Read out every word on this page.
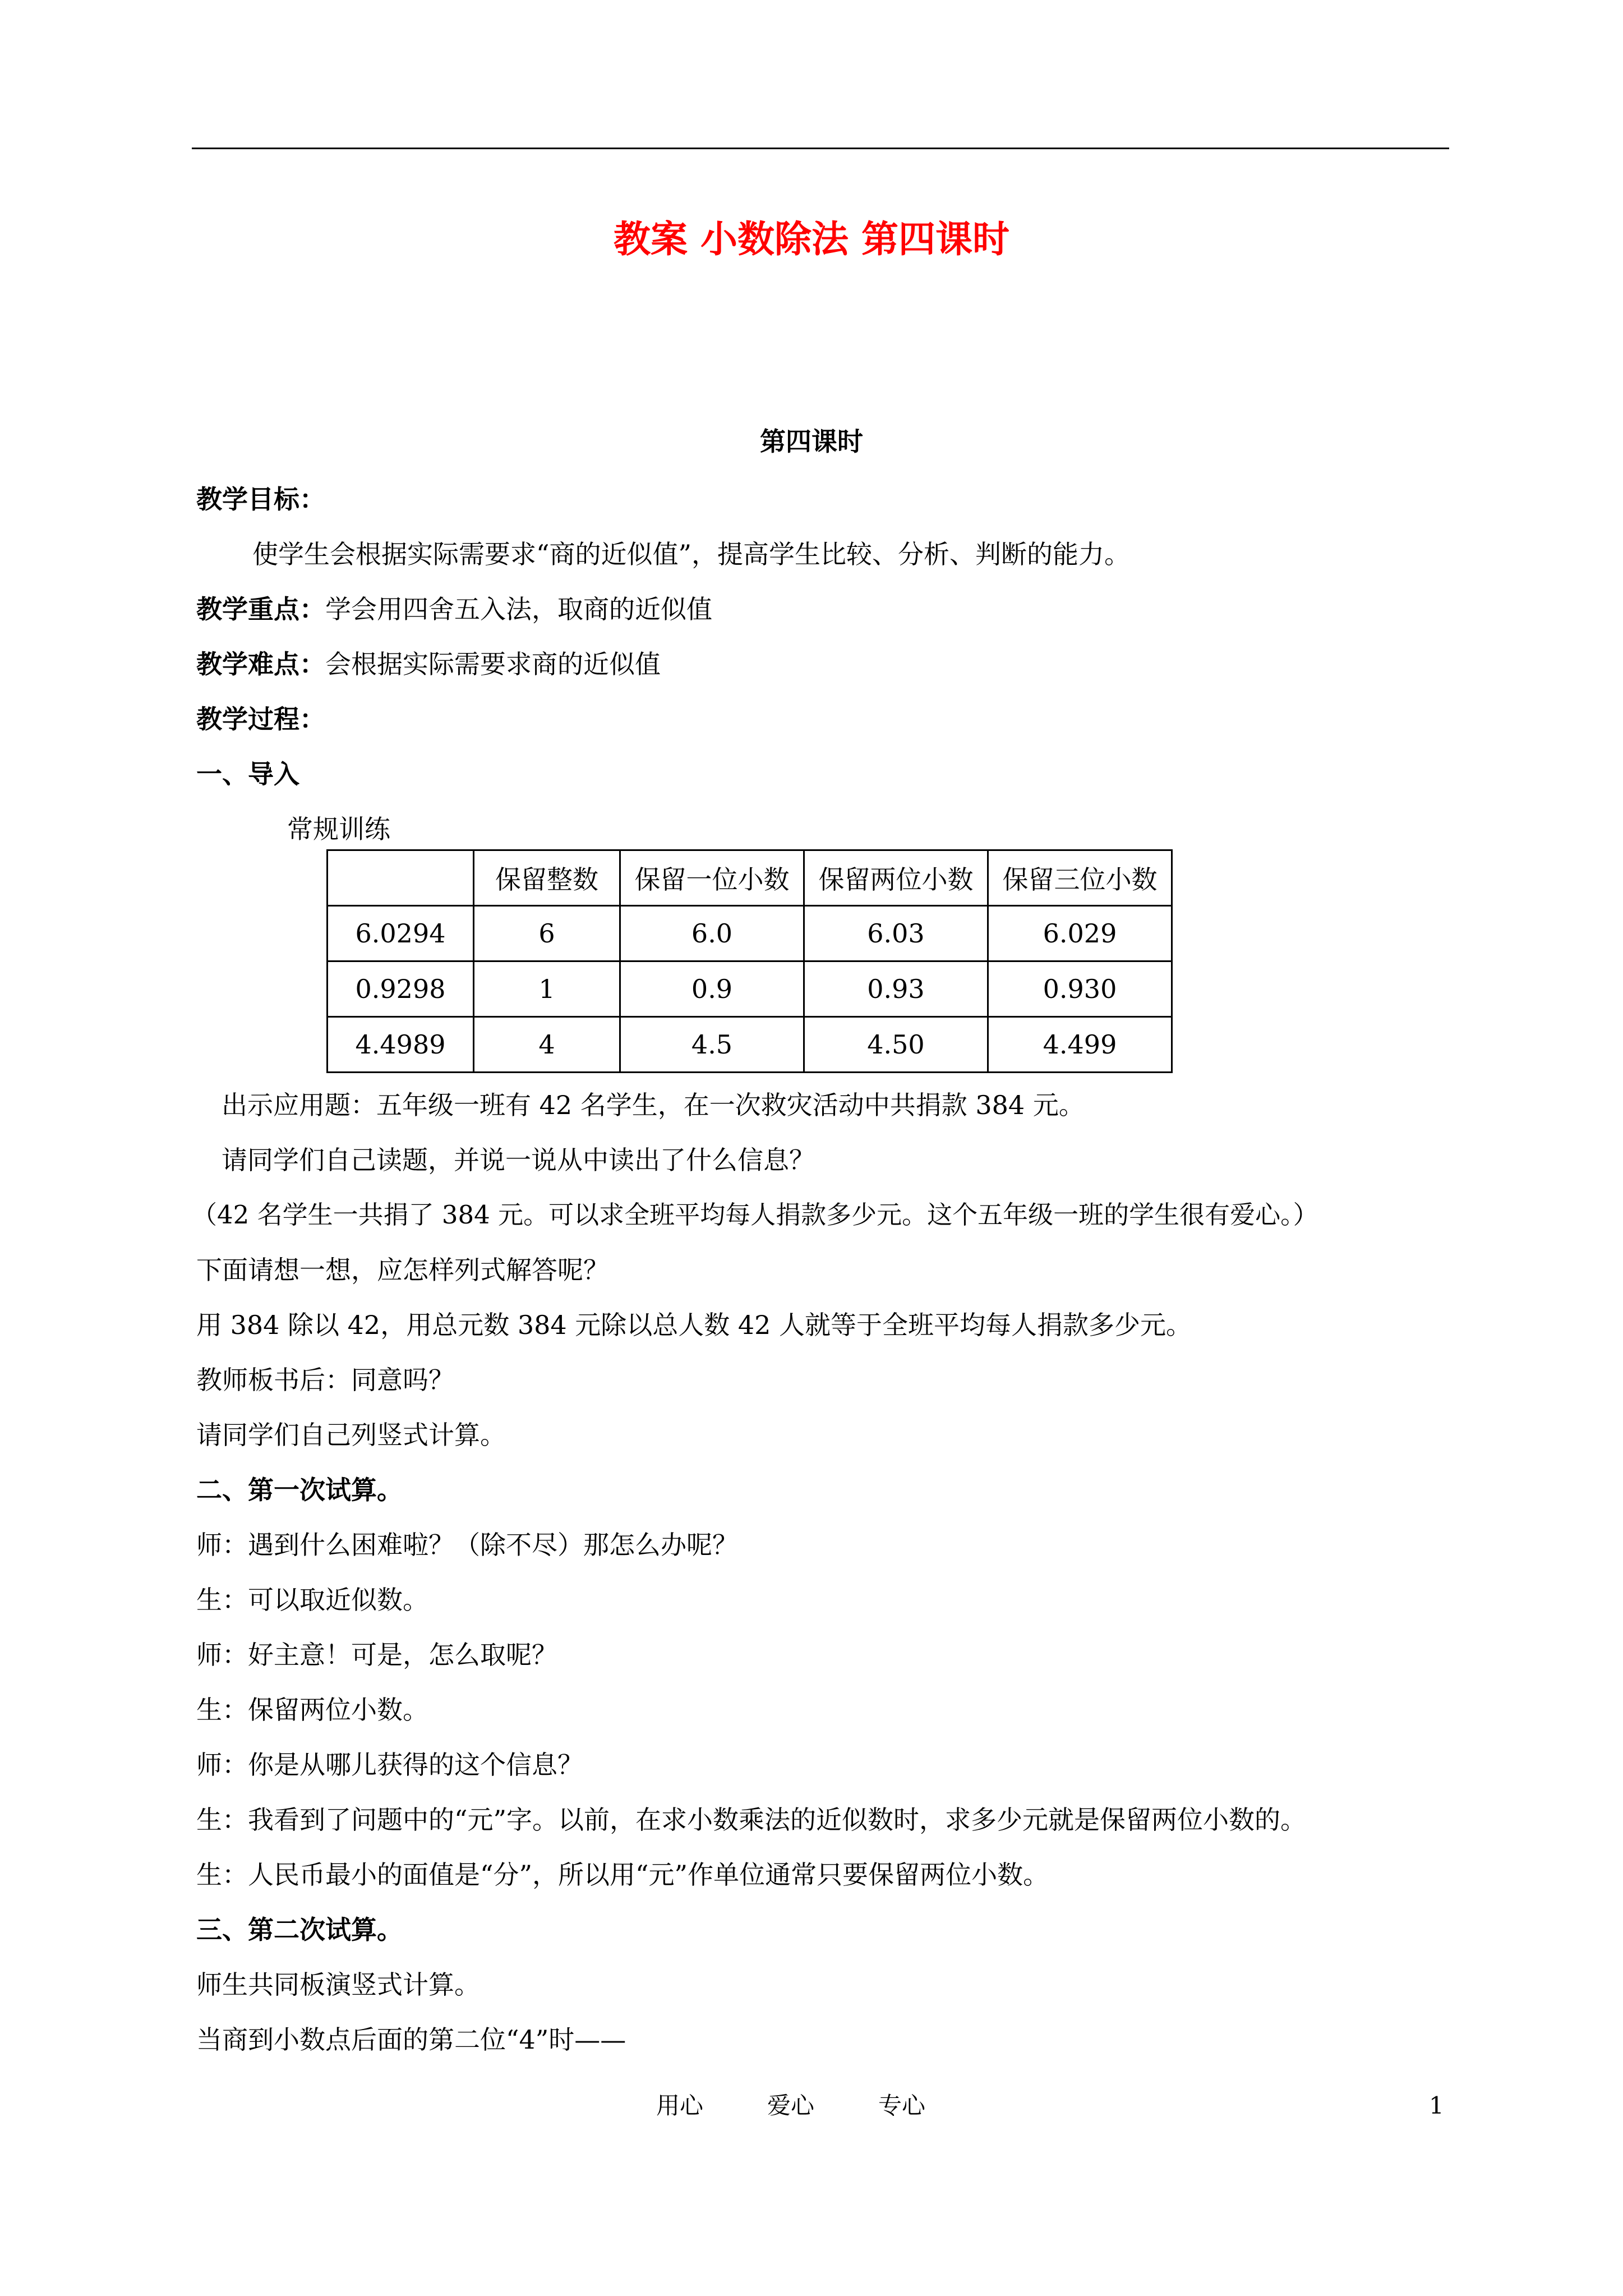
教案 小数除法 第四课时
第四课时
教学目标：
使学生会根据实际需要求“商的近似值”，提高学生比较、分析、判断的能力。
教学重点：学会用四舍五入法，取商的近似值
教学难点：会根据实际需要求商的近似值
教学过程：
一、导入
常规训练
	保留整数	保留一位小数	保留两位小数	保留三位小数
6.0294	6	6.0	6.03	6.029
0.9298	1	0.9	0.93	0.930
4.4989	4	4.5	4.50	4.499
出示应用题：五年级一班有 42 名学生，在一次救灾活动中共捐款 384 元。
请同学们自己读题，并说一说从中读出了什么信息？
（42 名学生一共捐了 384 元。可以求全班平均每人捐款多少元。这个五年级一班的学生很有爱心。）
下面请想一想，应怎样列式解答呢？
用 384 除以 42，用总元数 384 元除以总人数 42 人就等于全班平均每人捐款多少元。
教师板书后：同意吗？
请同学们自己列竖式计算。
二、第一次试算。
师：遇到什么困难啦？（除不尽）那怎么办呢？
生：可以取近似数。
师：好主意！可是，怎么取呢？
生：保留两位小数。
师：你是从哪儿获得的这个信息？
生：我看到了问题中的“元”字。以前，在求小数乘法的近似数时，求多少元就是保留两位小数的。
生：人民币最小的面值是“分”，所以用“元”作单位通常只要保留两位小数。
三、第二次试算。
师生共同板演竖式计算。
当商到小数点后面的第二位“4”时——
用心	爱心	专心	1
